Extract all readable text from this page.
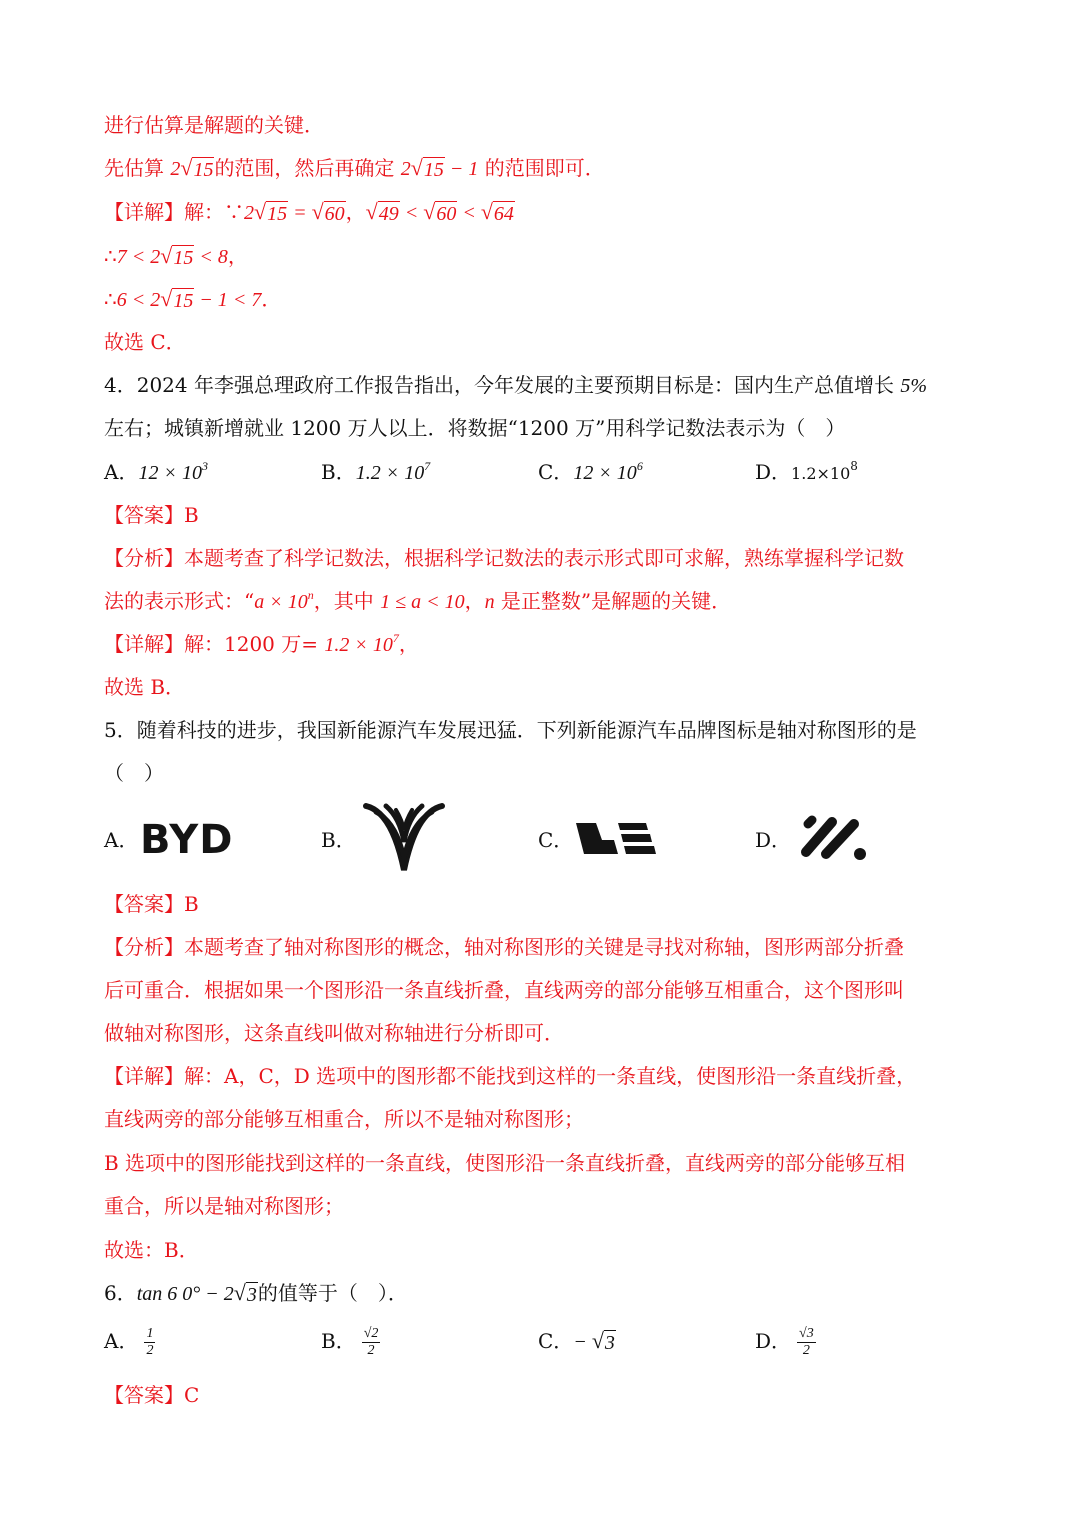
进行估算是解题的关键．
先估算 2 √ 15 的范围，然后再确定 2 √ 15 − 1 的范围即可．
【详解】解：∵2 √ 15 = √ 60 ， √ 49 < √ 60 < √ 64
∴7 < 2 √ 15 < 8，
∴6 < 2 √ 15 − 1 < 7．
故选 C．
4．2024 年李强总理政府工作报告指出，今年发展的主要预期目标是：国内生产总值增长 5%
左右；城镇新增就业 1200 万人以上．将数据“1200 万”用科学记数法表示为（　）
A．$12 \times 10^3$	B．$1.2 \times 10^7$	C．$12 \times 10^6$	D．$1.2\times 10^8$
【答案】B
【分析】本题考查了科学记数法，根据科学记数法的表示形式即可求解，熟练掌握科学记数
法的表示形式：“$a \times 10^n$，其中 1 ≤ a < 10，n 是正整数”是解题的关键．
【详解】解：1200 万= $1.2 \times 10^7$，
故选 B．
5．随着科技的进步，我国新能源汽车发展迅猛．下列新能源汽车品牌图标是轴对称图形的是
（　）
A． BYD	B．	C．	D．
【答案】B
【分析】本题考查了轴对称图形的概念，轴对称图形的关键是寻找对称轴，图形两部分折叠
后可重合．根据如果一个图形沿一条直线折叠，直线两旁的部分能够互相重合，这个图形叫
做轴对称图形，这条直线叫做对称轴进行分析即可．
【详解】解：A，C，D 选项中的图形都不能找到这样的一条直线，使图形沿一条直线折叠，
直线两旁的部分能够互相重合，所以不是轴对称图形；
B 选项中的图形能找到这样的一条直线，使图形沿一条直线折叠，直线两旁的部分能够互相
重合，所以是轴对称图形；
故选：B．
6．tan 6 0° − 2 √ 3 的值等于（　）．
A． $\frac{1}{2}$	B． $\frac{√2}{2}$	C．− √ 3	D． $\frac{√3}{2}$
【答案】C
